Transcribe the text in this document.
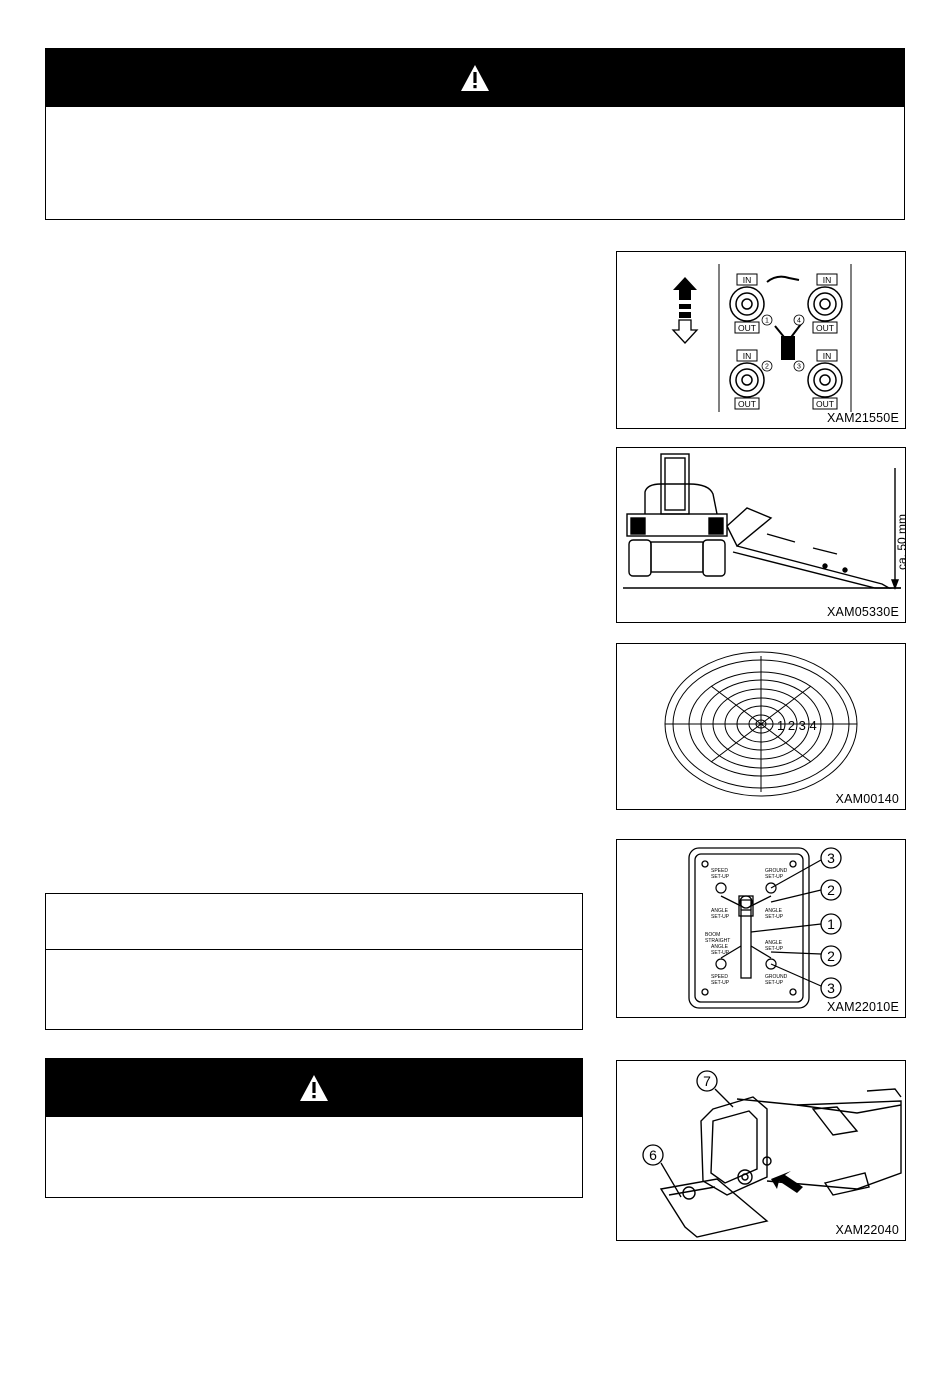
IN
OUT
IN
OUT
IN
OUT
IN
OUT
1	4
2	3
XAM21550E
ca. 50 mm
XAM05330E
1 2 3 4
XAM00140
SPEED
SET-UP
GROUND
SET-UP
ANGLE
SET-UP
ANGLE
SET-UP
BOOM
STRAIGHT
ANGLE
SET-UP
ANGLE
SET-UP
SPEED
SET-UP
GROUND
SET-UP
3
2
1
2
3
XAM22010E
7
6
XAM22040
